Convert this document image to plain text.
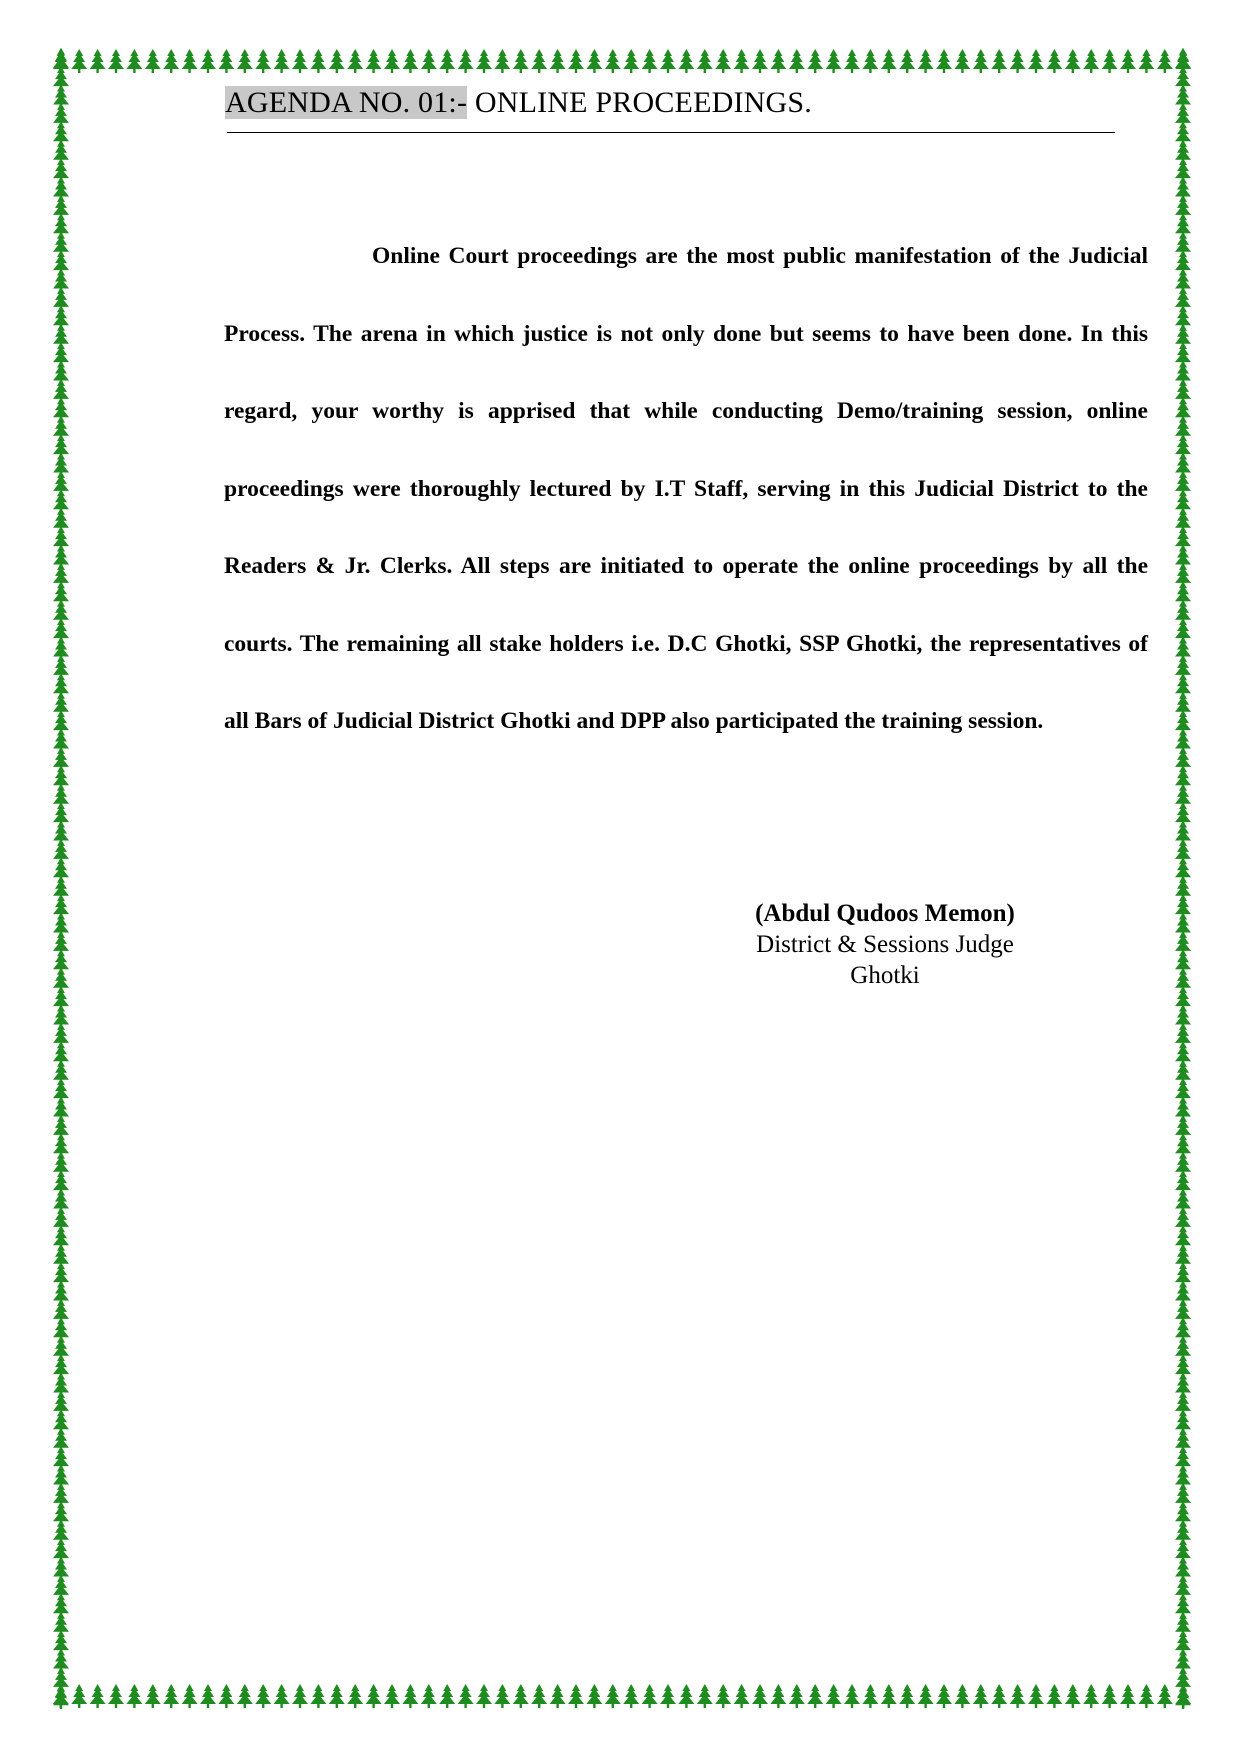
AGENDA NO. 01:- ONLINE PROCEEDINGS.

Online Court proceedings are the most public manifestation of the Judicial Process. The arena in which justice is not only done but seems to have been done. In this regard, your worthy is apprised that while conducting Demo/training session, online proceedings were thoroughly lectured by I.T Staff, serving in this Judicial District to the Readers & Jr. Clerks. All steps are initiated to operate the online proceedings by all the courts. The remaining all stake holders i.e. D.C Ghotki, SSP Ghotki, the representatives of all Bars of Judicial District Ghotki and DPP also participated the training session.

(Abdul Qudoos Memon)
District & Sessions Judge
Ghotki
